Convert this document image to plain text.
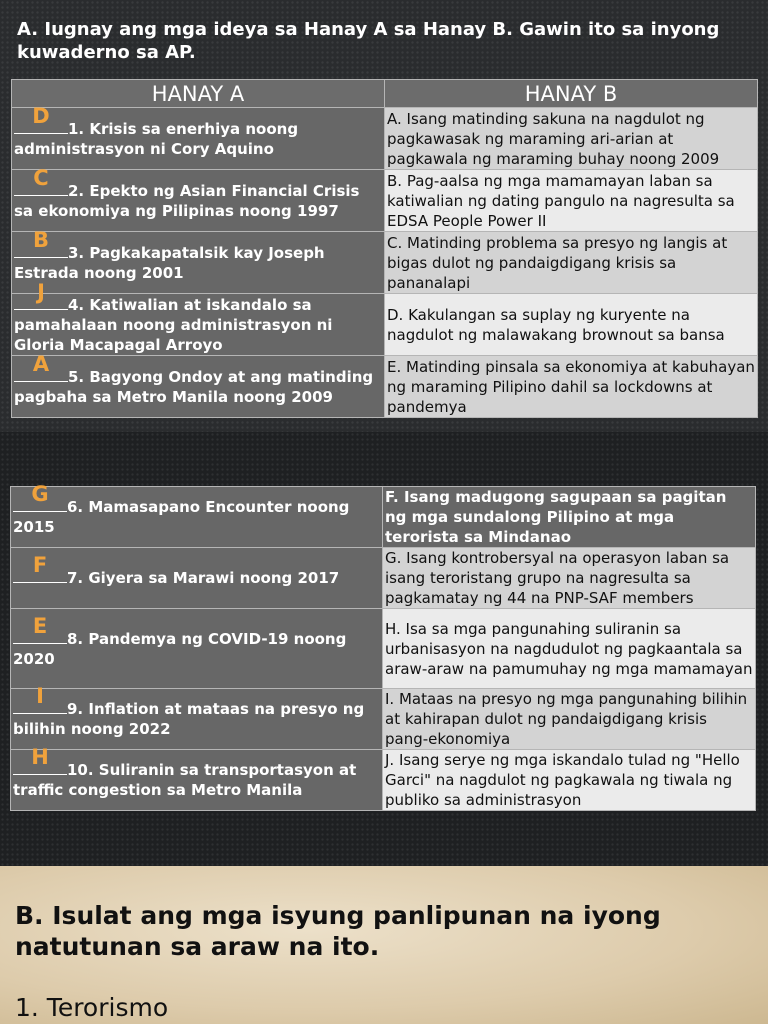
A. Iugnay ang mga ideya sa Hanay A sa Hanay B. Gawin ito sa inyong kuwaderno sa AP.
HANAY A	HANAY B

D
1. Krisis sa enerhiya noong administrasyon ni Cory Aquino	A. Isang matinding sakuna na nagdulot ng pagkawasak ng maraming ari-arian at pagkawala ng maraming buhay noong 2009

C
2. Epekto ng Asian Financial Crisis sa ekonomiya ng Pilipinas noong 1997	B. Pag-aalsa ng mga mamamayan laban sa katiwalian ng dating pangulo na nagresulta sa EDSA People Power II

B
3. Pagkakapatalsik kay Joseph Estrada noong 2001	C. Matinding problema sa presyo ng langis at bigas dulot ng pandaigdigang krisis sa pananalapi

J
4. Katiwalian at iskandalo sa pamahalaan noong administrasyon ni Gloria Macapagal Arroyo	D. Kakulangan sa suplay ng kuryente na nagdulot ng malawakang brownout sa bansa

A
5. Bagyong Ondoy at ang matinding pagbaha sa Metro Manila noong 2009	E. Matinding pinsala sa ekonomiya at kabuhayan ng maraming Pilipino dahil sa lockdowns at pandemya
G
6. Mamasapano Encounter noong 2015	F. Isang madugong sagupaan sa pagitan ng mga sundalong Pilipino at mga terorista sa Mindanao

F
7. Giyera sa Marawi noong 2017	G. Isang kontrobersyal na operasyon laban sa isang teroristang grupo na nagresulta sa pagkamatay ng 44 na PNP-SAF members

E
8. Pandemya ng COVID-19 noong 2020	H. Isa sa mga pangunahing suliranin sa urbanisasyon na nagdudulot ng pagkaantala sa araw-araw na pamumuhay ng mga mamamayan

I
9. Inflation at mataas na presyo ng bilihin noong 2022	I. Mataas na presyo ng mga pangunahing bilihin at kahirapan dulot ng pandaigdigang krisis pang-ekonomiya

H
10. Suliranin sa transportasyon at traffic congestion sa Metro Manila	J. Isang serye ng mga iskandalo tulad ng "Hello Garci" na nagdulot ng pagkawala ng tiwala ng publiko sa administrasyon
B. Isulat ang mga isyung panlipunan na iyong natutunan sa araw na ito.
1. Terorismo
